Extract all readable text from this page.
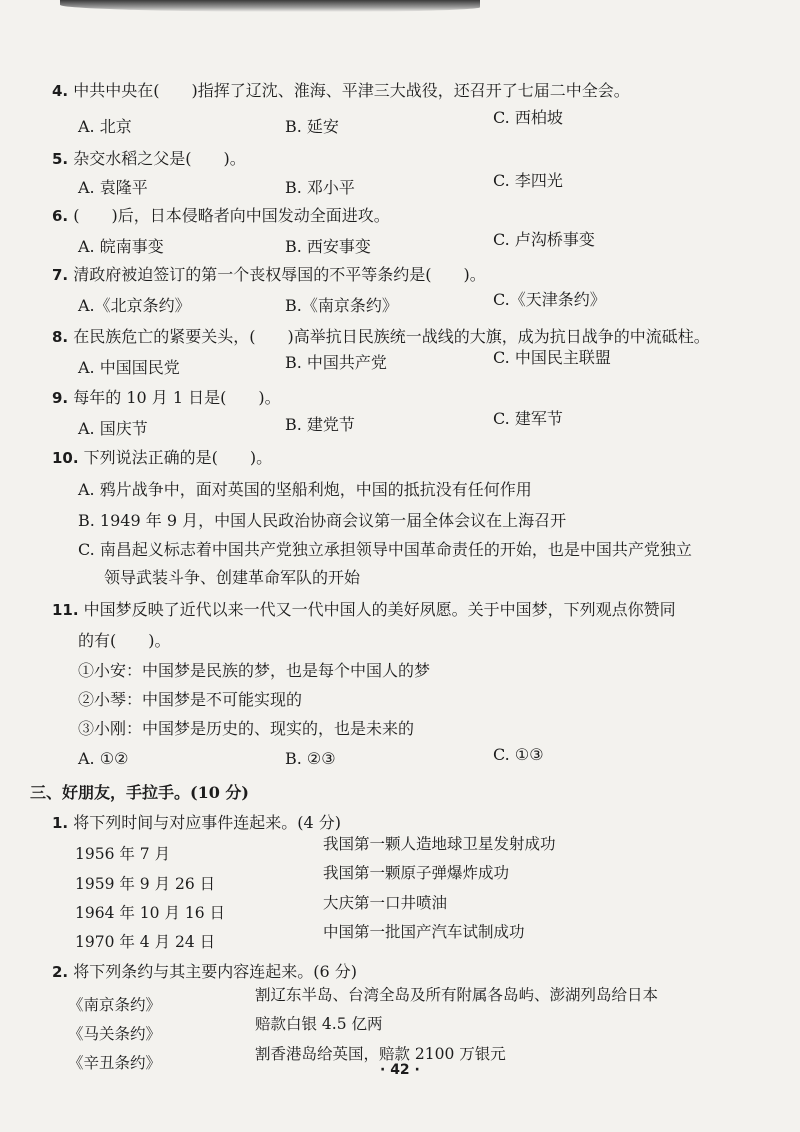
4. 中共中央在(　　)指挥了辽沈、淮海、平津三大战役，还召开了七届二中全会。
A. 北京	B. 延安	C. 西柏坡
5. 杂交水稻之父是(　　)。
A. 袁隆平	B. 邓小平	C. 李四光
6. (　　)后，日本侵略者向中国发动全面进攻。
A. 皖南事变	B. 西安事变	C. 卢沟桥事变
7. 清政府被迫签订的第一个丧权辱国的不平等条约是(　　)。
A.《北京条约》	B.《南京条约》	C.《天津条约》
8. 在民族危亡的紧要关头，(　　)高举抗日民族统一战线的大旗，成为抗日战争的中流砥柱。
A. 中国国民党	B. 中国共产党	C. 中国民主联盟
9. 每年的 10 月 1 日是(　　)。
A. 国庆节	B. 建党节	C. 建军节
10. 下列说法正确的是(　　)。
A. 鸦片战争中，面对英国的坚船利炮，中国的抵抗没有任何作用
B. 1949 年 9 月，中国人民政治协商会议第一届全体会议在上海召开
C. 南昌起义标志着中国共产党独立承担领导中国革命责任的开始，也是中国共产党独立
领导武装斗争、创建革命军队的开始
11. 中国梦反映了近代以来一代又一代中国人的美好夙愿。关于中国梦，下列观点你赞同
的有(　　)。
①小安：中国梦是民族的梦，也是每个中国人的梦
②小琴：中国梦是不可能实现的
③小刚：中国梦是历史的、现实的，也是未来的
A. ①②	B. ②③	C. ①③
三、好朋友，手拉手。(10 分)
1. 将下列时间与对应事件连起来。(4 分)
1956 年 7 月
1959 年 9 月 26 日
1964 年 10 月 16 日
1970 年 4 月 24 日
我国第一颗人造地球卫星发射成功
我国第一颗原子弹爆炸成功
大庆第一口井喷油
中国第一批国产汽车试制成功
2. 将下列条约与其主要内容连起来。(6 分)
《南京条约》
《马关条约》
《辛丑条约》
割辽东半岛、台湾全岛及所有附属各岛屿、澎湖列岛给日本
赔款白银 4.5 亿两
割香港岛给英国，赔款 2100 万银元
· 42 ·
